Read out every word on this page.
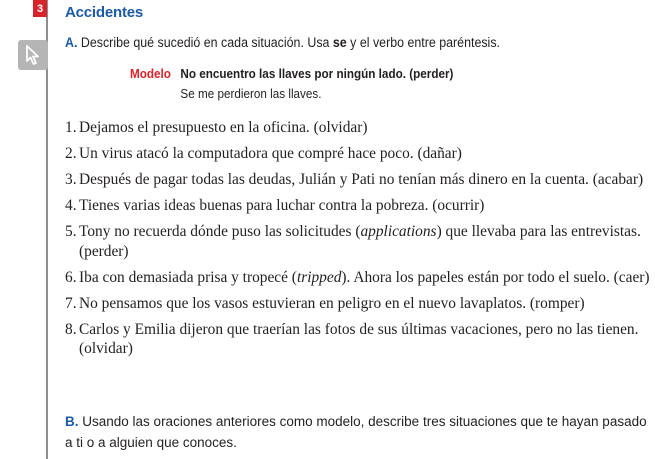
3 Accidentes

A. Describe qué sucedió en cada situación. Usa se y el verbo entre paréntesis.

Modelo No encuentro las llaves por ningún lado. (perder)
Se me perdieron las llaves.
1. Dejamos el presupuesto en la oficina. (olvidar)
2. Un virus atacó la computadora que compré hace poco. (dañar)
3. Después de pagar todas las deudas, Julián y Pati no tenían más dinero en la cuenta. (acabar)
4. Tienes varias ideas buenas para luchar contra la pobreza. (ocurrir)
5. Tony no recuerda dónde puso las solicitudes (applications) que llevaba para las entrevistas. (perder)
6. Iba con demasiada prisa y tropecé (tripped). Ahora los papeles están por todo el suelo. (caer)
7. No pensamos que los vasos estuvieran en peligro en el nuevo lavaplatos. (romper)
8. Carlos y Emilia dijeron que traerían las fotos de sus últimas vacaciones, pero no las tienen. (olvidar)

B. Usando las oraciones anteriores como modelo, describe tres situaciones que te hayan pasado a ti o a alguien que conoces.
